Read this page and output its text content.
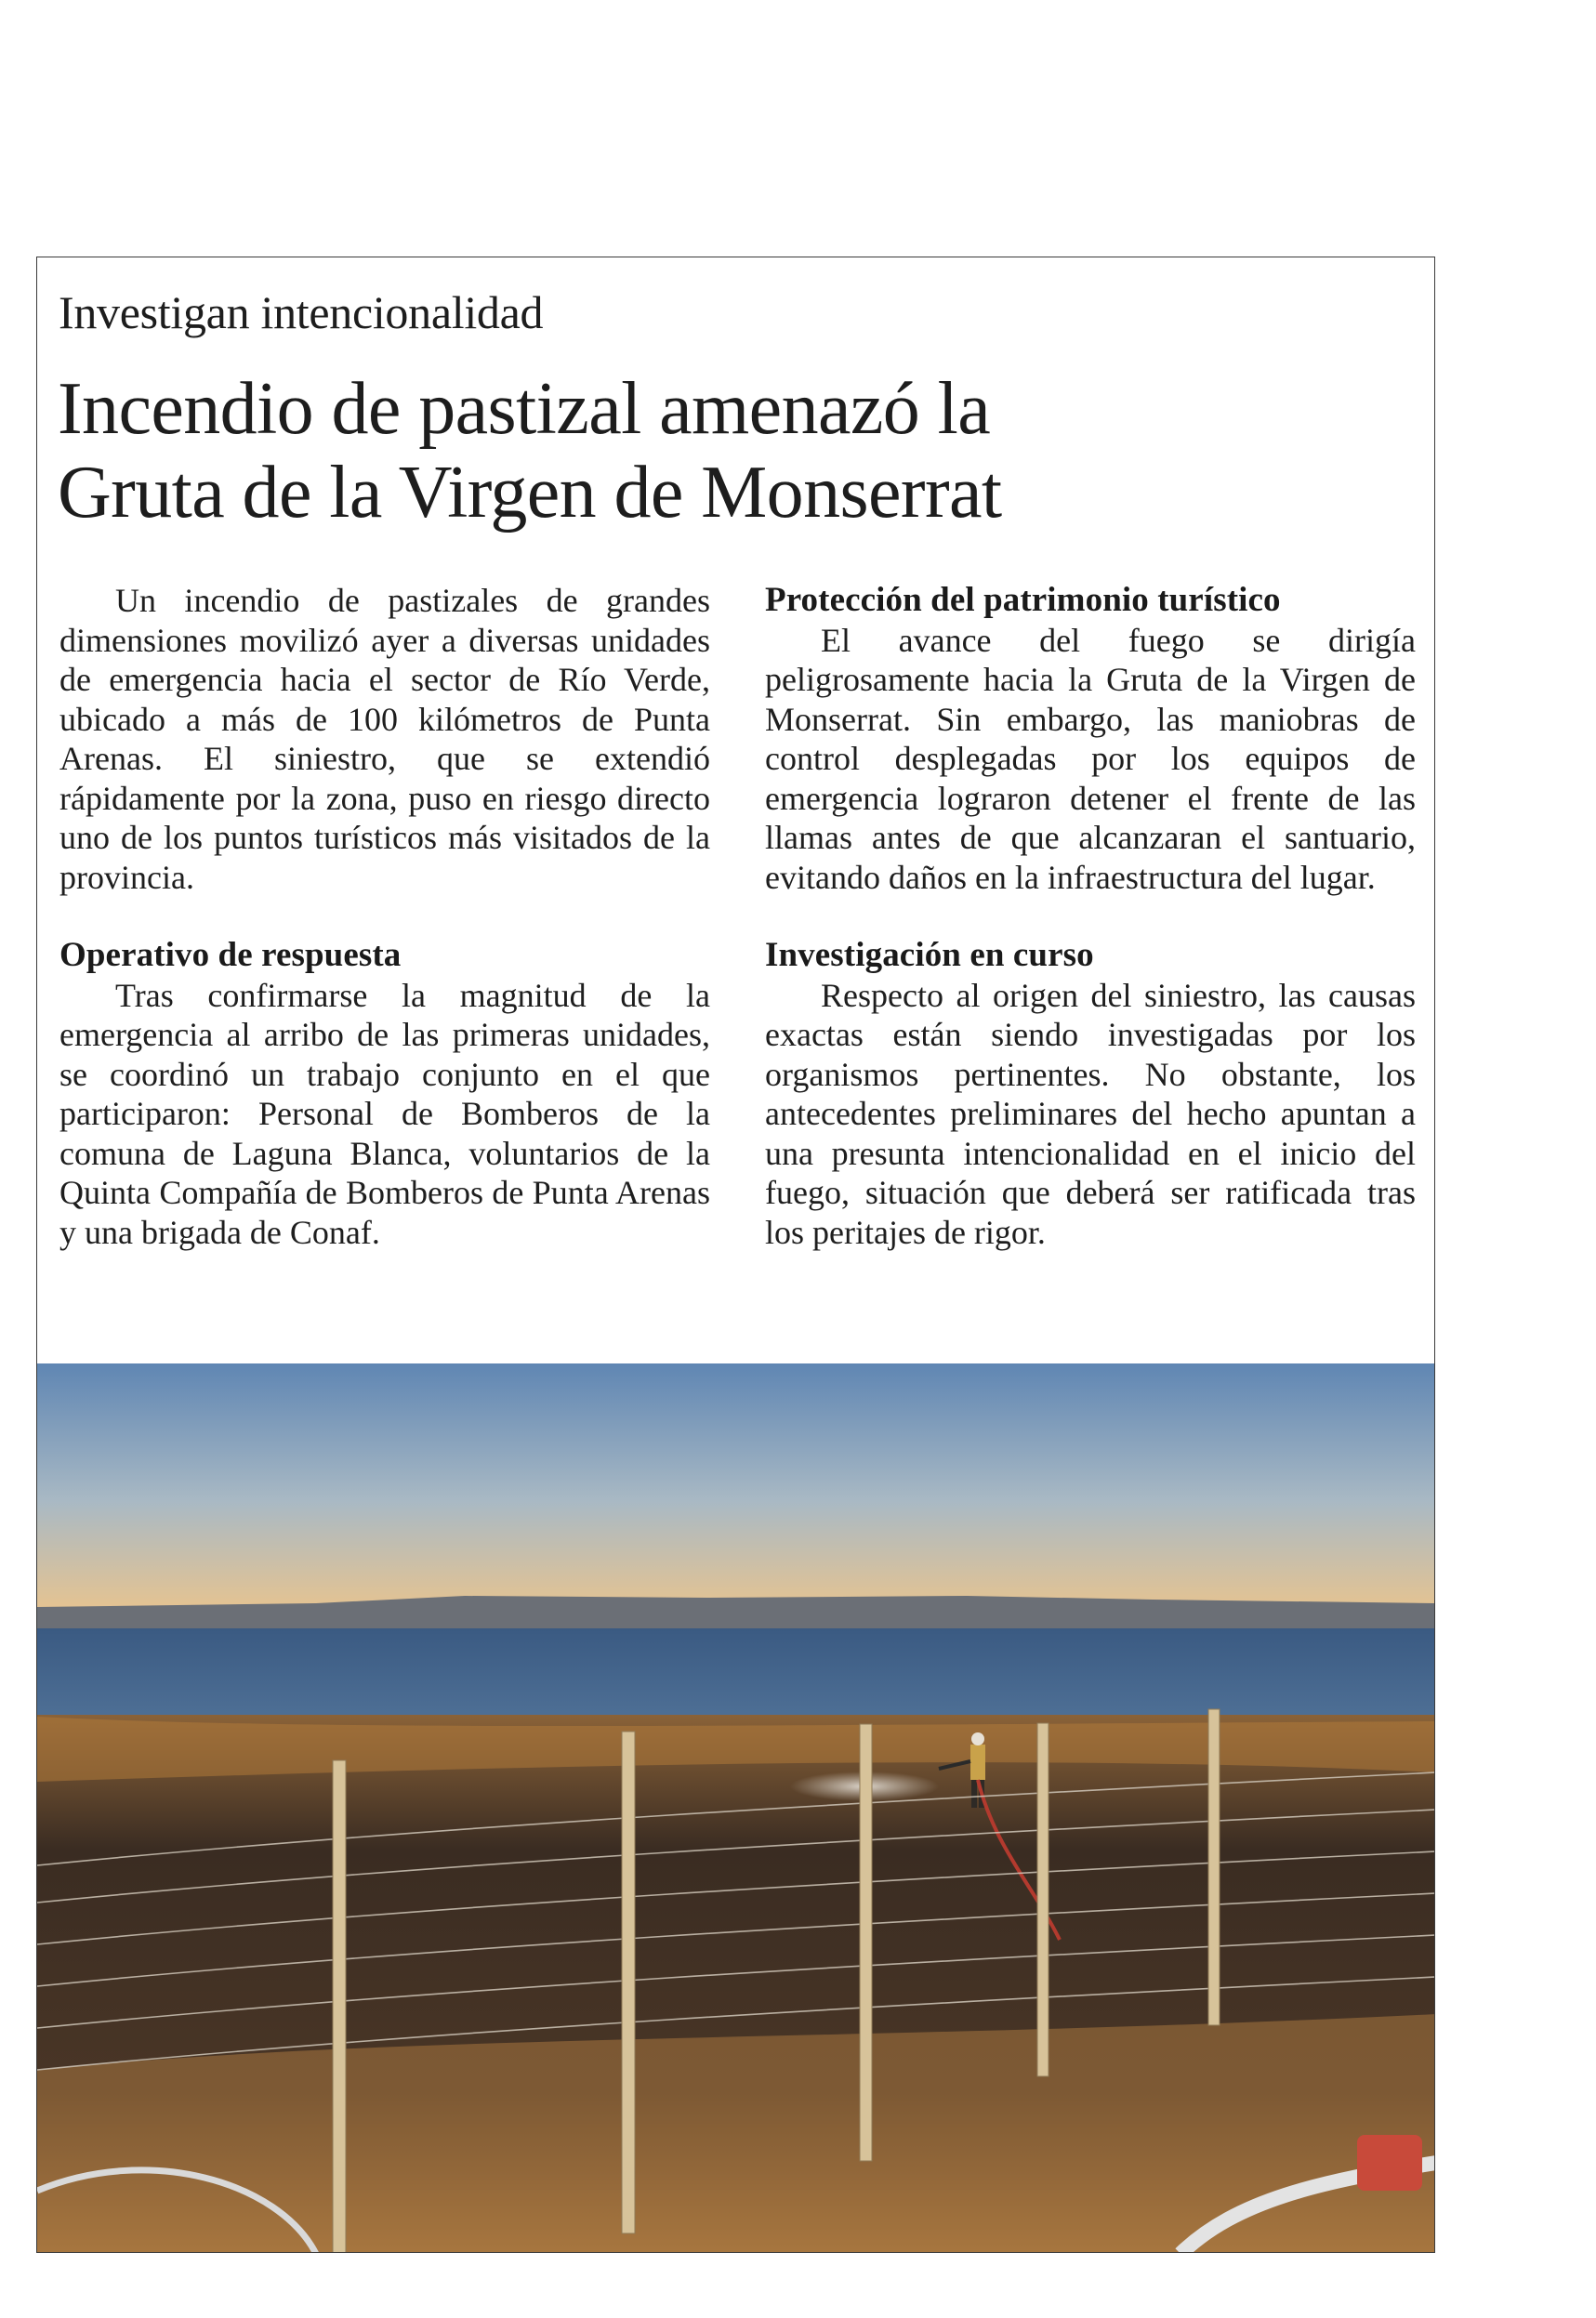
Investigan intencionalidad
Incendio de pastizal amenazó la
Gruta de la Virgen de Monserrat

Un incendio de pastizales de grandes dimensiones movilizó ayer a diversas unidades de emergencia hacia el sector de Río Verde, ubicado a más de 100 kilómetros de Punta Arenas. El siniestro, que se extendió rápidamente por la zona, puso en riesgo directo uno de los puntos turísticos más visitados de la provincia.

Operativo de respuesta

Tras confirmarse la magnitud de la emergencia al arribo de las primeras unidades, se coordinó un trabajo conjunto en el que participaron: Personal de Bomberos de la comuna de Laguna Blanca, voluntarios de la Quinta Compañía de Bomberos de Punta Arenas y una brigada de Conaf.

Protección del patrimonio turístico

El avance del fuego se dirigía peligrosamente hacia la Gruta de la Virgen de Monserrat. Sin embargo, las maniobras de control desplegadas por los equipos de emergencia lograron detener el frente de las llamas antes de que alcanzaran el santuario, evitando daños en la infraestructura del lugar.

Investigación en curso

Respecto al origen del siniestro, las causas exactas están siendo investigadas por los organismos pertinentes. No obstante, los antecedentes preliminares del hecho apuntan a una presunta intencionalidad en el inicio del fuego, situación que deberá ser ratificada tras los peritajes de rigor.
